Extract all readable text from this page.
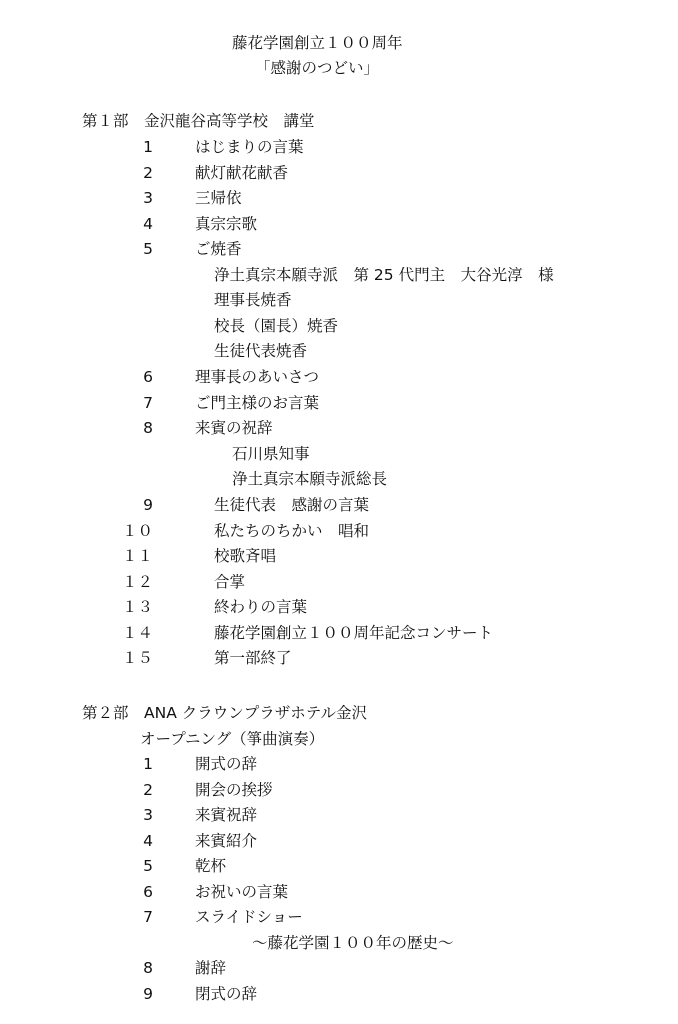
藤花学園創立１００周年
「感謝のつどい」
第１部　金沢龍谷高等学校　講堂
1	はじまりの言葉
2	献灯献花献香
3	三帰依
4	真宗宗歌
5	ご焼香
浄土真宗本願寺派　第 25 代門主　大谷光淳　様
理事長焼香
校長（園長）焼香
生徒代表焼香
6	理事長のあいさつ
7	ご門主様のお言葉
8	来賓の祝辞
石川県知事
浄土真宗本願寺派総長
9	生徒代表　感謝の言葉
１０	私たちのちかい　唱和
１１	校歌斉唱
１２	合掌
１３	終わりの言葉
１４	藤花学園創立１００周年記念コンサート
１５	第一部終了
第２部　ANA クラウンプラザホテル金沢
オープニング（箏曲演奏）
1	開式の辞
2	開会の挨拶
3	来賓祝辞
4	来賓紹介
5	乾杯
6	お祝いの言葉
7	スライドショー
～藤花学園１００年の歴史～
8	謝辞
9	閉式の辞
